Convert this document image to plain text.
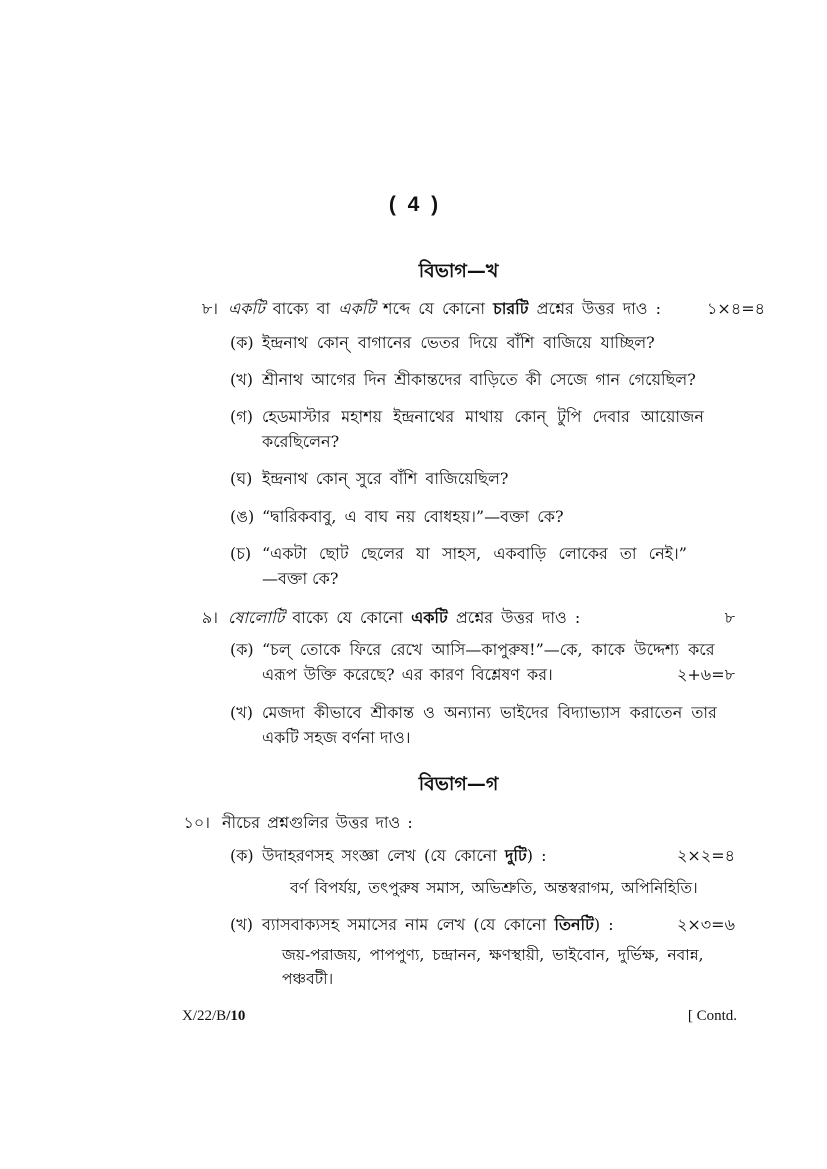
( 4 )
বিভাগ—খ
৮। একটি বাক্যে বা একটি শব্দে যে কোনো চারটি প্রশ্নের উত্তর দাও :	১×৪=৪
(ক) ইন্দ্রনাথ কোন্ বাগানের ভেতর দিয়ে বাঁশি বাজিয়ে যাচ্ছিল?
(খ) শ্রীনাথ আগের দিন শ্রীকান্তদের বাড়িতে কী সেজে গান গেয়েছিল?
(গ) হেডমাস্টার মহাশয় ইন্দ্রনাথের মাথায় কোন্ টুপি দেবার আয়োজন
করেছিলেন?
(ঘ) ইন্দ্রনাথ কোন্ সুরে বাঁশি বাজিয়েছিল?
(ঙ) “দ্বারিকবাবু, এ বাঘ নয় বোধহয়।”—বক্তা কে?
(চ) “একটা ছোট ছেলের যা সাহস, একবাড়ি লোকের তা নেই।”
—বক্তা কে?
৯। ষোলোটি বাক্যে যে কোনো একটি প্রশ্নের উত্তর দাও :	৮
(ক) “চল্ তোকে ফিরে রেখে আসি—কাপুরুষ!”—কে, কাকে উদ্দেশ্য করে
এরূপ উক্তি করেছে? এর কারণ বিশ্লেষণ কর।	২+৬=৮
(খ) মেজদা কীভাবে শ্রীকান্ত ও অন্যান্য ভাইদের বিদ্যাভ্যাস করাতেন তার
একটি সহজ বর্ণনা দাও।
বিভাগ—গ
১০। নীচের প্রশ্নগুলির উত্তর দাও :
(ক) উদাহরণসহ সংজ্ঞা লেখ (যে কোনো দুটি) :	২×২=৪
বর্ণ বিপর্যয়, তৎপুরুষ সমাস, অভিশ্রুতি, অন্তস্বরাগম, অপিনিহিতি।
(খ) ব্যাসবাক্যসহ সমাসের নাম লেখ (যে কোনো তিনটি) :	২×৩=৬
জয়-পরাজয়, পাপপুণ্য, চন্দ্রানন, ক্ষণস্থায়ী, ভাইবোন, দুর্ভিক্ষ, নবান্ন,
পঞ্চবটী।
X/22/B/10	[ Contd.
